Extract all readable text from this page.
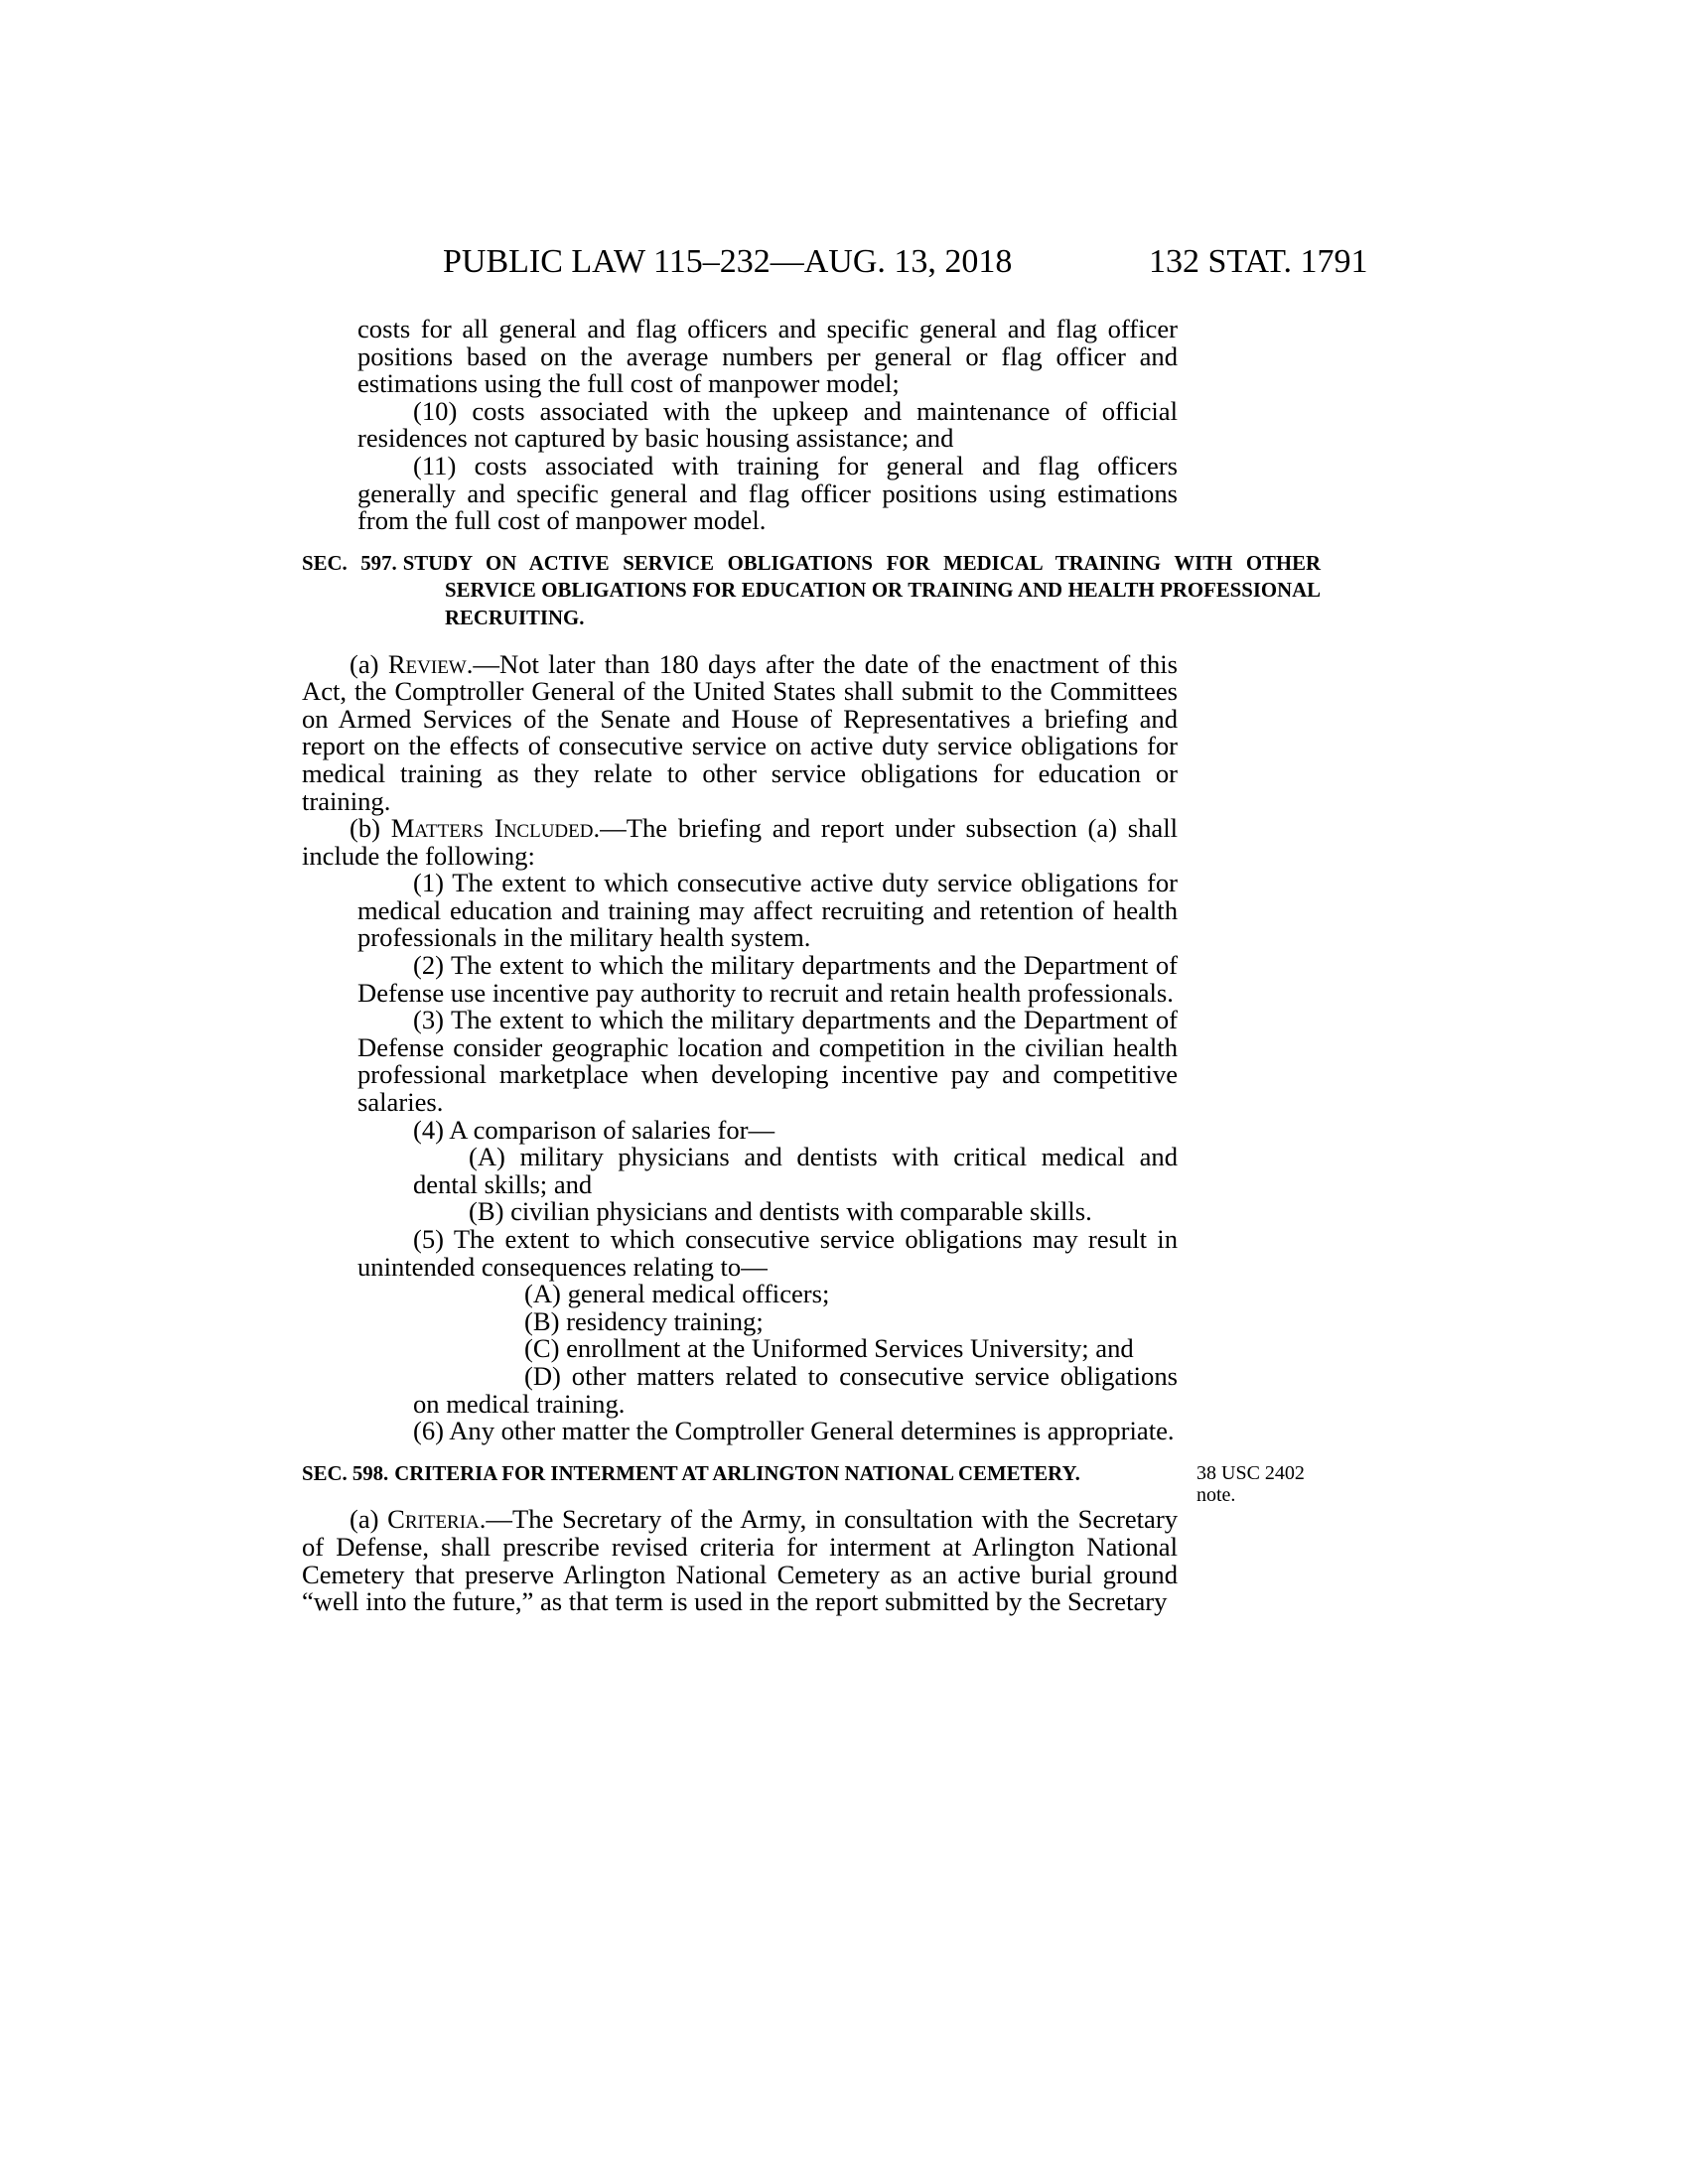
PUBLIC LAW 115–232—AUG. 13, 2018	132 STAT. 1791

costs for all general and flag officers and specific general and flag officer positions based on the average numbers per general or flag officer and estimations using the full cost of manpower model;

(10) costs associated with the upkeep and maintenance of official residences not captured by basic housing assistance; and

(11) costs associated with training for general and flag officers generally and specific general and flag officer positions using estimations from the full cost of manpower model.

SEC. 597. STUDY ON ACTIVE SERVICE OBLIGATIONS FOR MEDICAL TRAINING WITH OTHER SERVICE OBLIGATIONS FOR EDUCATION OR TRAINING AND HEALTH PROFESSIONAL RECRUITING.

(a) Review.—Not later than 180 days after the date of the enactment of this Act, the Comptroller General of the United States shall submit to the Committees on Armed Services of the Senate and House of Representatives a briefing and report on the effects of consecutive service on active duty service obligations for medical training as they relate to other service obligations for education or training.

(b) Matters Included.—The briefing and report under subsection (a) shall include the following:

(1) The extent to which consecutive active duty service obligations for medical education and training may affect recruiting and retention of health professionals in the military health system.

(2) The extent to which the military departments and the Department of Defense use incentive pay authority to recruit and retain health professionals.

(3) The extent to which the military departments and the Department of Defense consider geographic location and competition in the civilian health professional marketplace when developing incentive pay and competitive salaries.

(4) A comparison of salaries for—

(A) military physicians and dentists with critical medical and dental skills; and

(B) civilian physicians and dentists with comparable skills.

(5) The extent to which consecutive service obligations may result in unintended consequences relating to—

(A) general medical officers;

(B) residency training;

(C) enrollment at the Uniformed Services University; and

(D) other matters related to consecutive service obligations on medical training.

(6) Any other matter the Comptroller General determines is appropriate.

SEC. 598. CRITERIA FOR INTERMENT AT ARLINGTON NATIONAL CEMETERY.

(a) Criteria.—The Secretary of the Army, in consultation with the Secretary of Defense, shall prescribe revised criteria for interment at Arlington National Cemetery that preserve Arlington National Cemetery as an active burial ground “well into the future,” as that term is used in the report submitted by the Secretary

38 USC 2402
note.
